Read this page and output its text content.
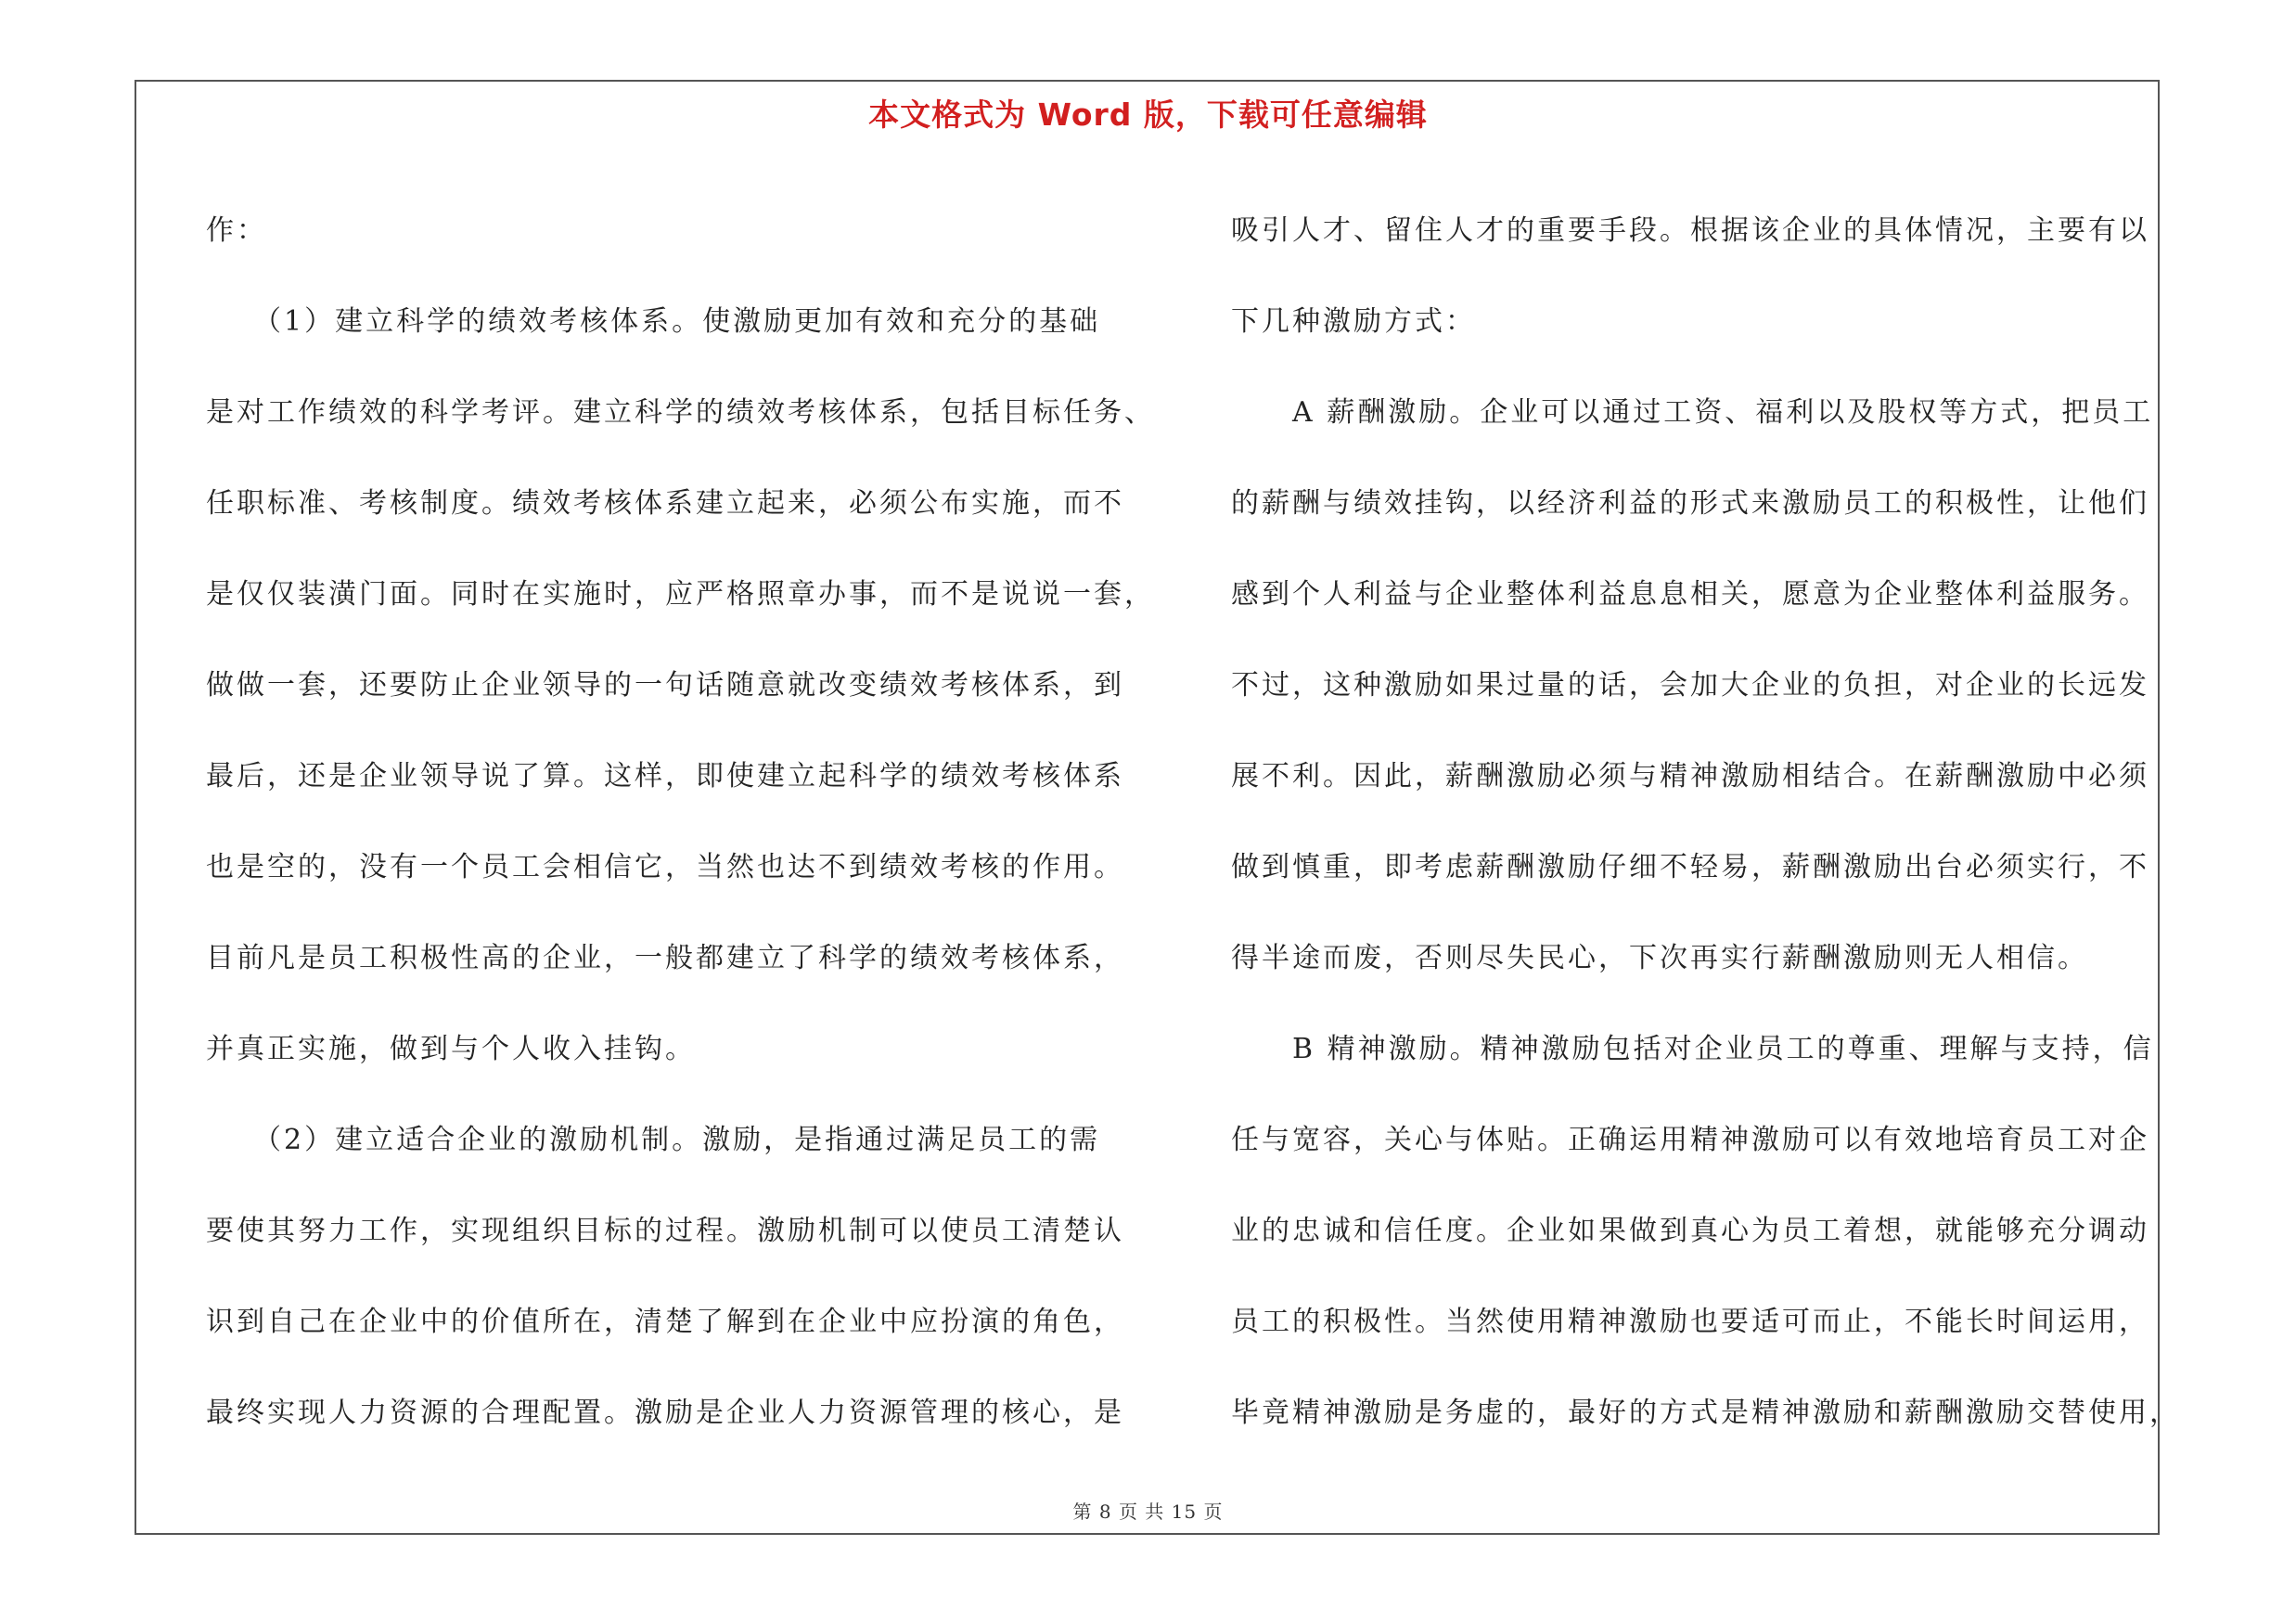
本文格式为 Word 版，下载可任意编辑
作：
　　（1）建立科学的绩效考核体系。使激励更加有效和充分的基础
是对工作绩效的科学考评。建立科学的绩效考核体系，包括目标任务、
任职标准、考核制度。绩效考核体系建立起来，必须公布实施，而不
是仅仅装潢门面。同时在实施时，应严格照章办事，而不是说说一套，
做做一套，还要防止企业领导的一句话随意就改变绩效考核体系，到
最后，还是企业领导说了算。这样，即使建立起科学的绩效考核体系
也是空的，没有一个员工会相信它，当然也达不到绩效考核的作用。
目前凡是员工积极性高的企业，一般都建立了科学的绩效考核体系，
并真正实施，做到与个人收入挂钩。
　　（2）建立适合企业的激励机制。激励，是指通过满足员工的需
要使其努力工作，实现组织目标的过程。激励机制可以使员工清楚认
识到自己在企业中的价值所在，清楚了解到在企业中应扮演的角色，
最终实现人力资源的合理配置。激励是企业人力资源管理的核心，是
吸引人才、留住人才的重要手段。根据该企业的具体情况，主要有以
下几种激励方式：
　　A 薪酬激励。企业可以通过工资、福利以及股权等方式，把员工
的薪酬与绩效挂钩，以经济利益的形式来激励员工的积极性，让他们
感到个人利益与企业整体利益息息相关，愿意为企业整体利益服务。
不过，这种激励如果过量的话，会加大企业的负担，对企业的长远发
展不利。因此，薪酬激励必须与精神激励相结合。在薪酬激励中必须
做到慎重，即考虑薪酬激励仔细不轻易，薪酬激励出台必须实行，不
得半途而废，否则尽失民心，下次再实行薪酬激励则无人相信。
　　B 精神激励。精神激励包括对企业员工的尊重、理解与支持，信
任与宽容，关心与体贴。正确运用精神激励可以有效地培育员工对企
业的忠诚和信任度。企业如果做到真心为员工着想，就能够充分调动
员工的积极性。当然使用精神激励也要适可而止，不能长时间运用，
毕竟精神激励是务虚的，最好的方式是精神激励和薪酬激励交替使用，
第 8 页 共 15 页
